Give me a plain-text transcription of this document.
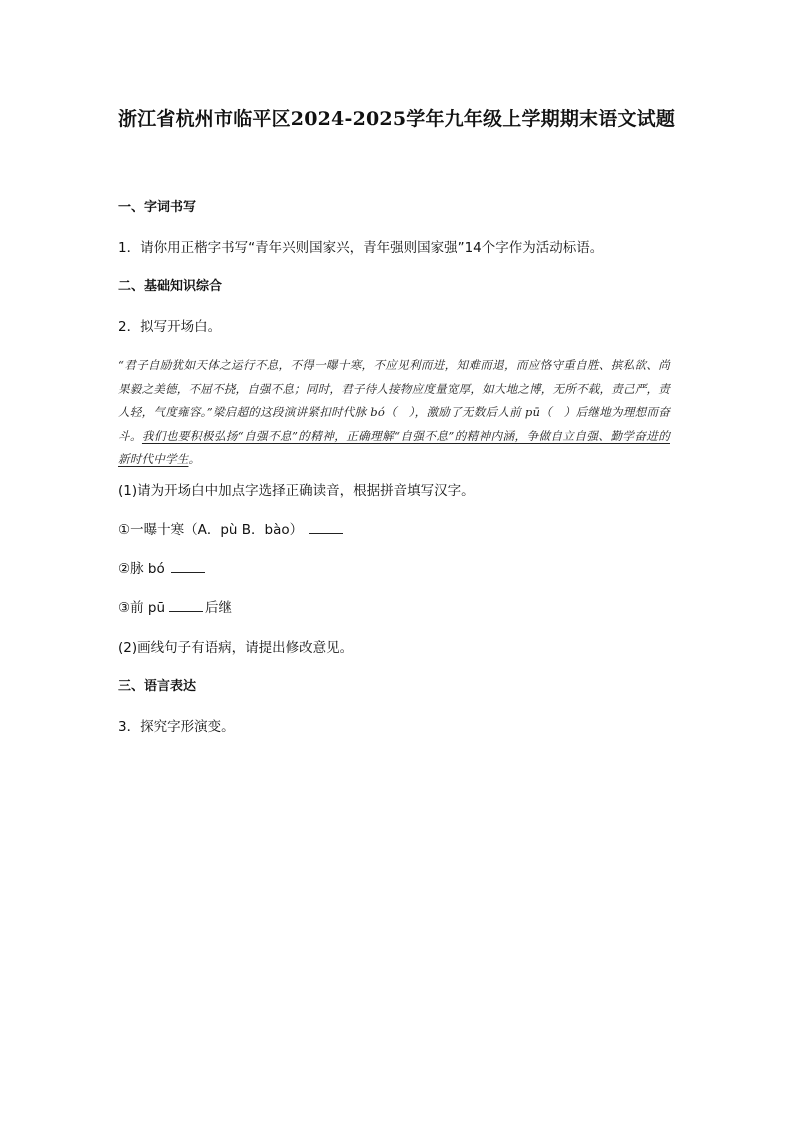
浙江省杭州市临平区2024-2025学年九年级上学期期末语文试题

一、字词书写

1．请你用正楷字书写“青年兴则国家兴，青年强则国家强”14个字作为活动标语。

二、基础知识综合

2．拟写开场白。

“君子自励犹如天体之运行不息，不得一曝十寒，不应见利而进，知难而退，而应恪守重自胜、摈私欲、尚果毅之美德，不屈不挠，自强不息；同时，君子待人接物应度量宽厚，如大地之博，无所不载，责己严，责人轻，气度雍容。”梁启超的这段演讲紧扣时代脉 bó（　），激励了无数后人前 pū（　）后继地为理想而奋斗。我们也要积极弘扬“自强不息”的精神，正确理解“自强不息”的精神内涵，争做自立自强、勤学奋进的新时代中学生。

(1)请为开场白中加点字选择正确读音，根据拼音填写汉字。

①一曝十寒（A．pù B．bào）

②脉 bó

③前 pū	后继

(2)画线句子有语病，请提出修改意见。

三、语言表达

3．探究字形演变。
